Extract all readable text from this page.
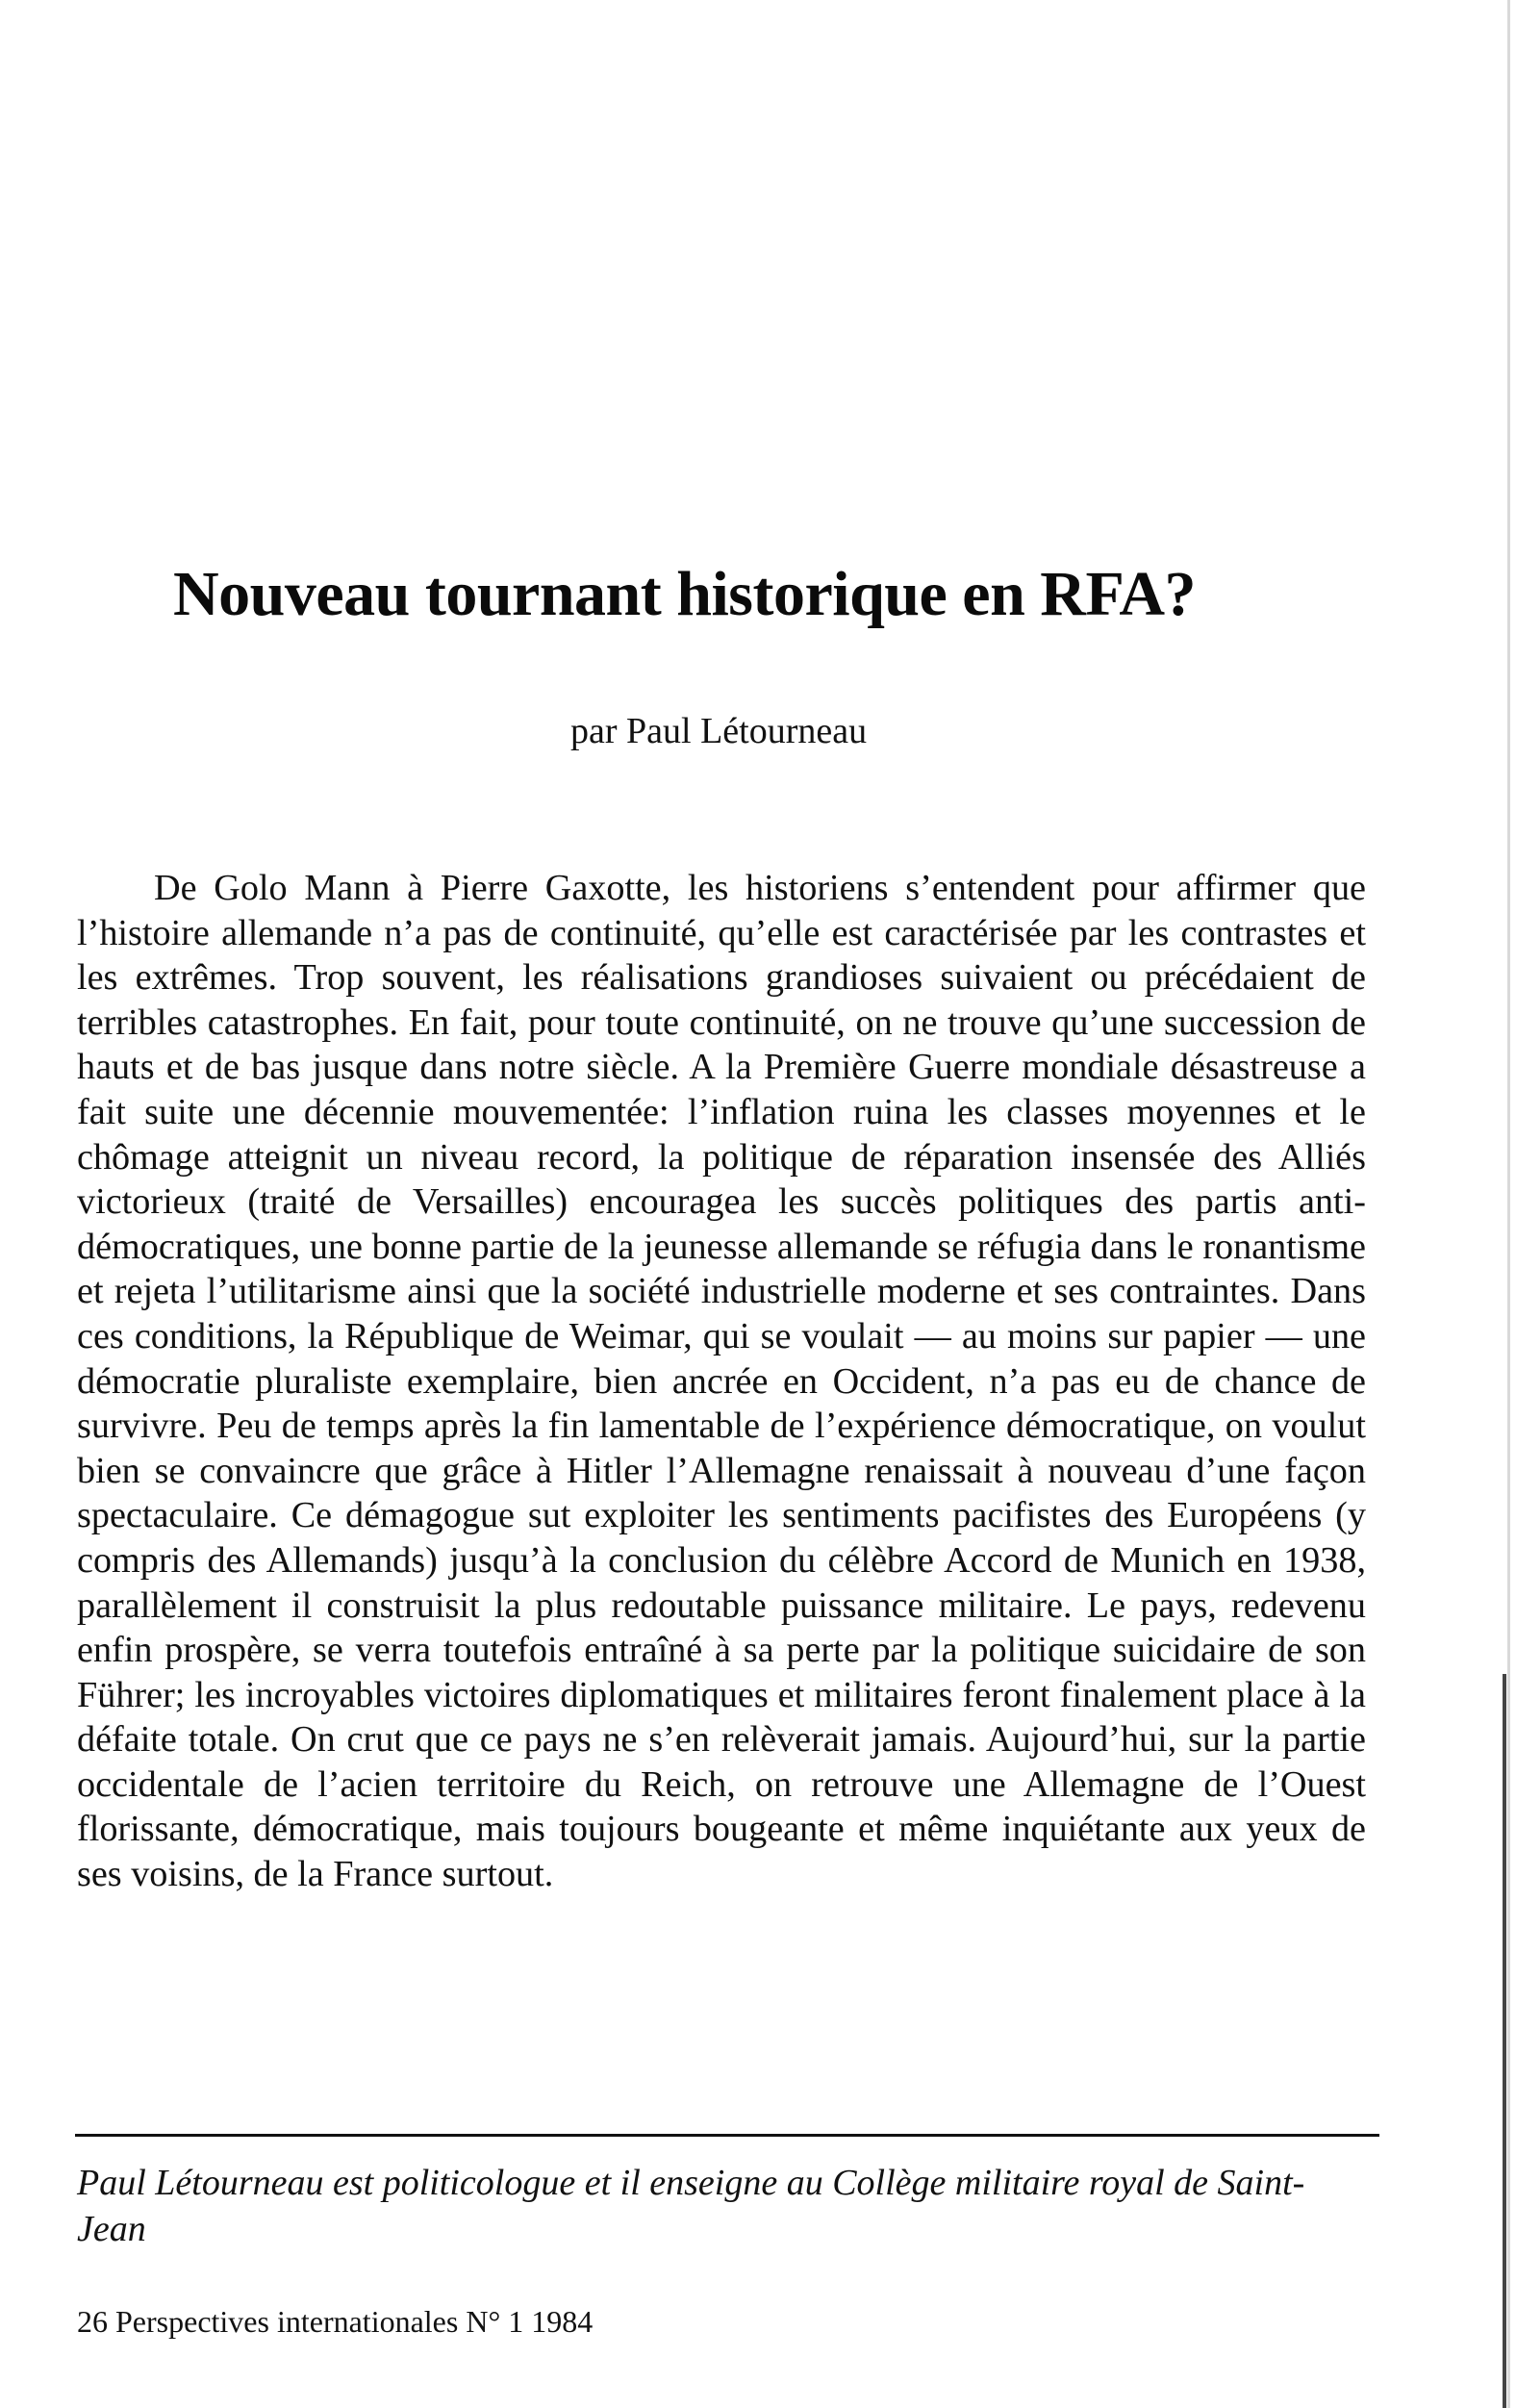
Nouveau tournant historique en RFA?

par Paul Létourneau

De Golo Mann à Pierre Gaxotte, les historiens s’entendent pour affirmer que l’histoire allemande n’a pas de continuité, qu’elle est caractérisée par les contrastes et les extrêmes. Trop souvent, les réalisations grandioses suivaient ou précédaient de terribles catastrophes. En fait, pour toute continuité, on ne trouve qu’une succession de hauts et de bas jusque dans notre siècle. A la Première Guerre mondiale désastreuse a fait suite une décennie mouvementée: l’inflation ruina les classes moyennes et le chômage atteignit un niveau record, la politique de réparation insensée des Alliés victorieux (traité de Versailles) encouragea les succès politiques des partis anti-démocratiques, une bonne partie de la jeunesse allemande se réfugia dans le ronantisme et rejeta l’utilitarisme ainsi que la société industrielle moderne et ses contraintes. Dans ces conditions, la République de Weimar, qui se voulait — au moins sur papier — une démocratie pluraliste exemplaire, bien ancrée en Occident, n’a pas eu de chance de survivre. Peu de temps après la fin lamentable de l’expérience démocratique, on voulut bien se convaincre que grâce à Hitler l’Allemagne renaissait à nouveau d’une façon spectaculaire. Ce démagogue sut exploiter les sentiments pacifistes des Européens (y compris des Allemands) jusqu’à la conclusion du célèbre Accord de Munich en 1938, parallèlement il construisit la plus redoutable puissance militaire. Le pays, redevenu enfin prospère, se verra toutefois entraîné à sa perte par la politique suicidaire de son Führer; les incroyables victoires diplomatiques et militaires feront finalement place à la défaite totale. On crut que ce pays ne s’en relèverait jamais. Aujourd’hui, sur la partie occidentale de l’acien territoire du Reich, on retrouve une Allemagne de l’Ouest florissante, démocratique, mais toujours bougeante et même inquiétante aux yeux de ses voisins, de la France surtout.

Paul Létourneau est politicologue et il enseigne au Collège militaire royal de Saint-Jean

26 Perspectives internationales N° 1 1984
